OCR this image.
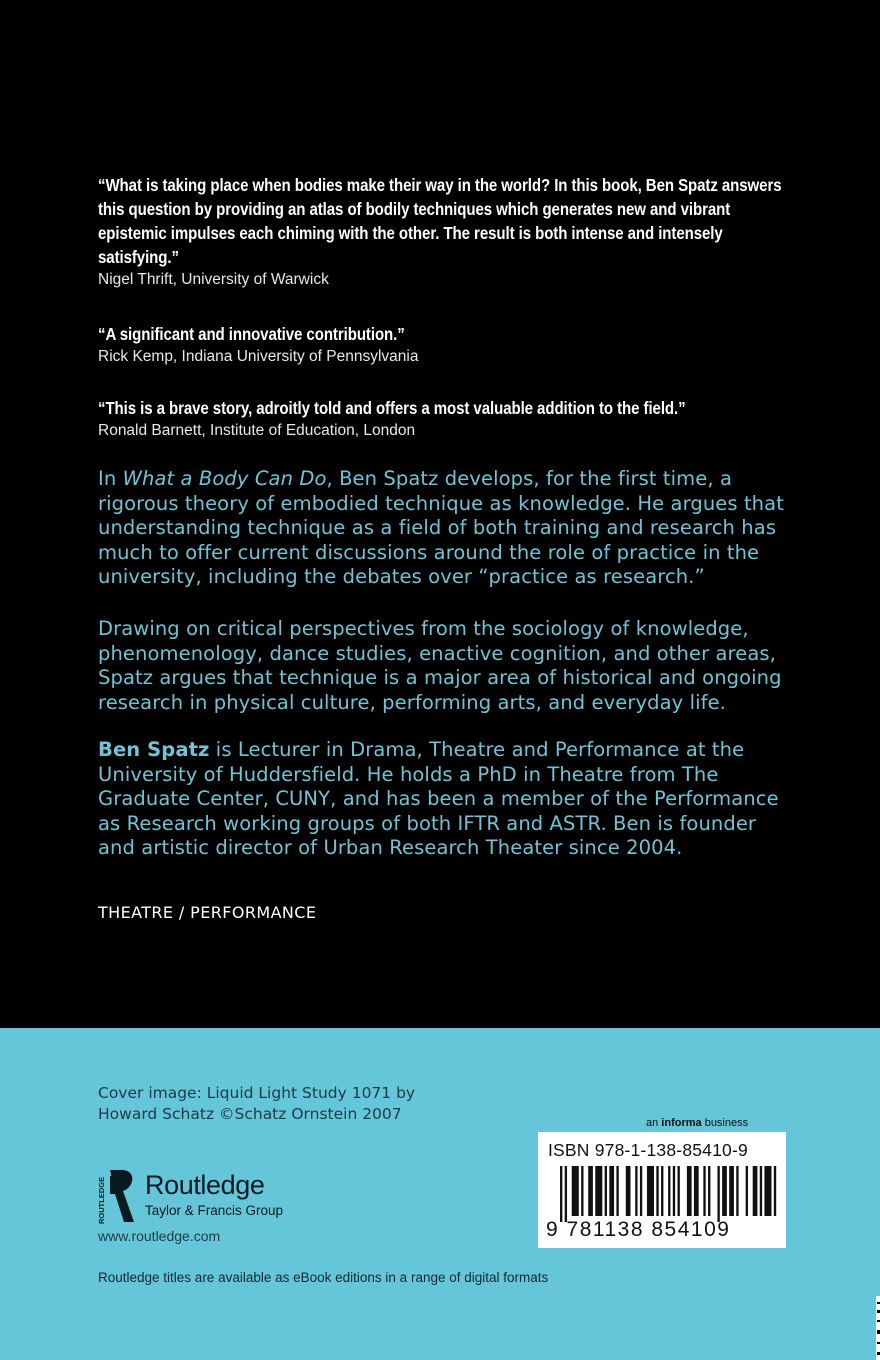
“What is taking place when bodies make their way in the world? In this book, Ben Spatz answers this question by providing an atlas of bodily techniques which generates new and vibrant epistemic impulses each chiming with the other. The result is both intense and intensely satisfying.”
Nigel Thrift, University of Warwick
“A significant and innovative contribution.”
Rick Kemp, Indiana University of Pennsylvania
“This is a brave story, adroitly told and offers a most valuable addition to the field.”
Ronald Barnett, Institute of Education, London
In What a Body Can Do, Ben Spatz develops, for the first time, a rigorous theory of embodied technique as knowledge. He argues that understanding technique as a field of both training and research has much to offer current discussions around the role of practice in the university, including the debates over “practice as research.”
Drawing on critical perspectives from the sociology of knowledge, phenomenology, dance studies, enactive cognition, and other areas, Spatz argues that technique is a major area of historical and ongoing research in physical culture, performing arts, and everyday life.
Ben Spatz is Lecturer in Drama, Theatre and Performance at the University of Huddersfield. He holds a PhD in Theatre from The Graduate Center, CUNY, and has been a member of the Performance as Research working groups of both IFTR and ASTR. Ben is founder and artistic director of Urban Research Theater since 2004.
THEATRE / PERFORMANCE
Cover image: Liquid Light Study 1071 by
Howard Schatz ©Schatz Ornstein 2007	an informa business
ROUTLEDGE Routledge
Taylor & Francis Group
www.routledge.com
Routledge titles are available as eBook editions in a range of digital formats
ISBN 978-1-138-85410-9
9 781138 854109
